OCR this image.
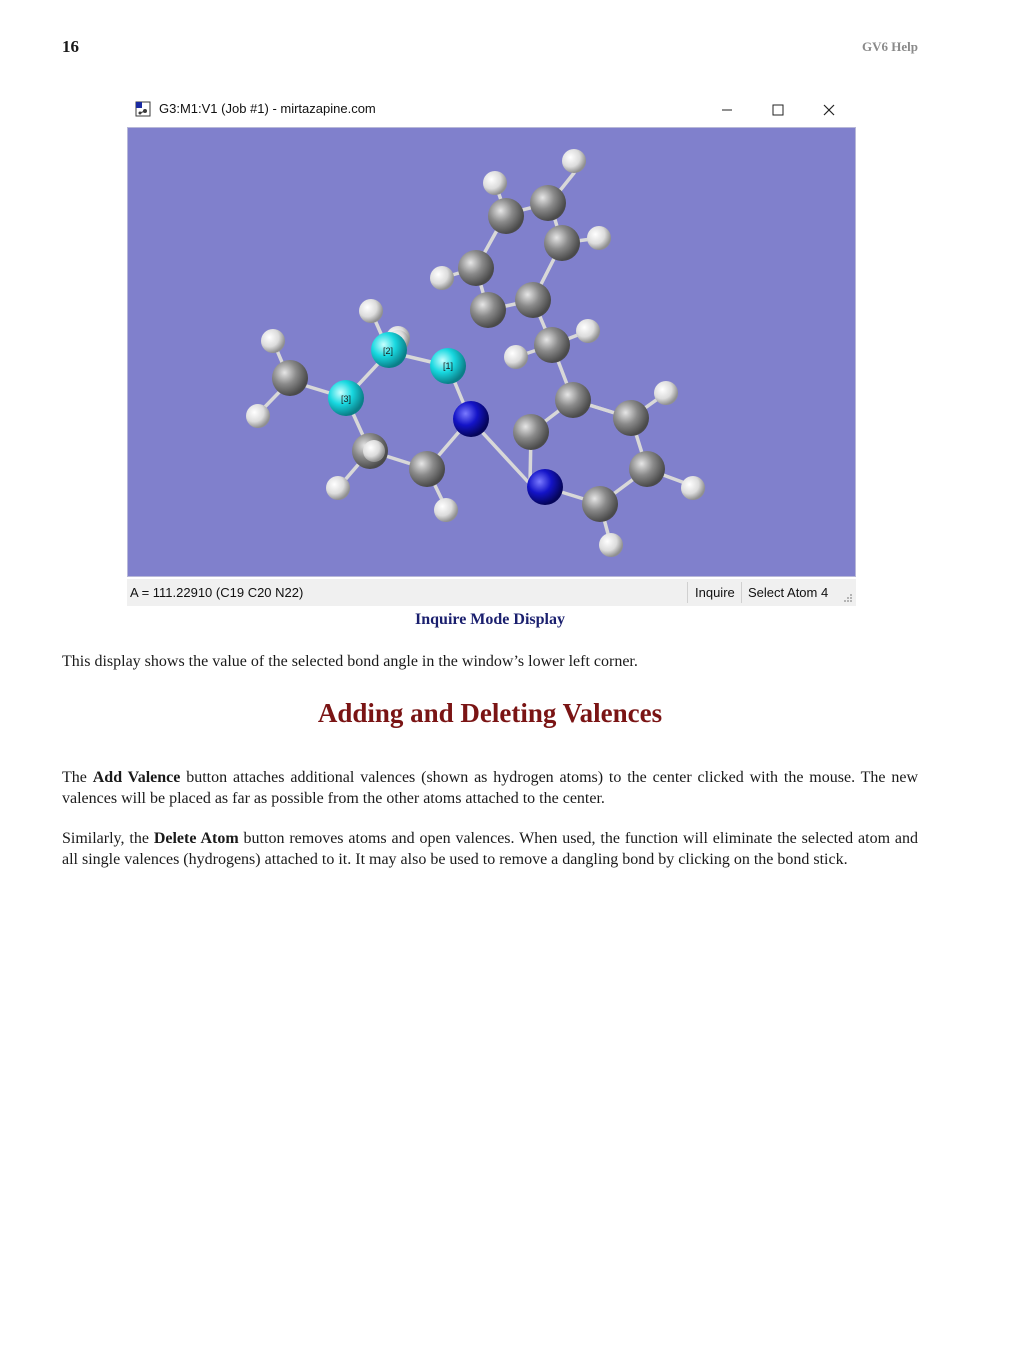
16	GV6 Help
G3:M1:V1 (Job #1) - mirtazapine.com
[1]
[2]
[3]
A = 111.22910 (C19 C20 N22)	Inquire Select Atom 4
Inquire Mode Display

This display shows the value of the selected bond angle in the window’s lower left corner.

Adding and Deleting Valences

The Add Valence button attaches additional valences (shown as hydrogen atoms) to the center clicked with the mouse. The new valences will be placed as far as possible from the other atoms attached to the center.

Similarly, the Delete Atom button removes atoms and open valences. When used, the function will eliminate the selected atom and all single valences (hydrogens) attached to it. It may also be used to remove a dangling bond by clicking on the bond stick.
